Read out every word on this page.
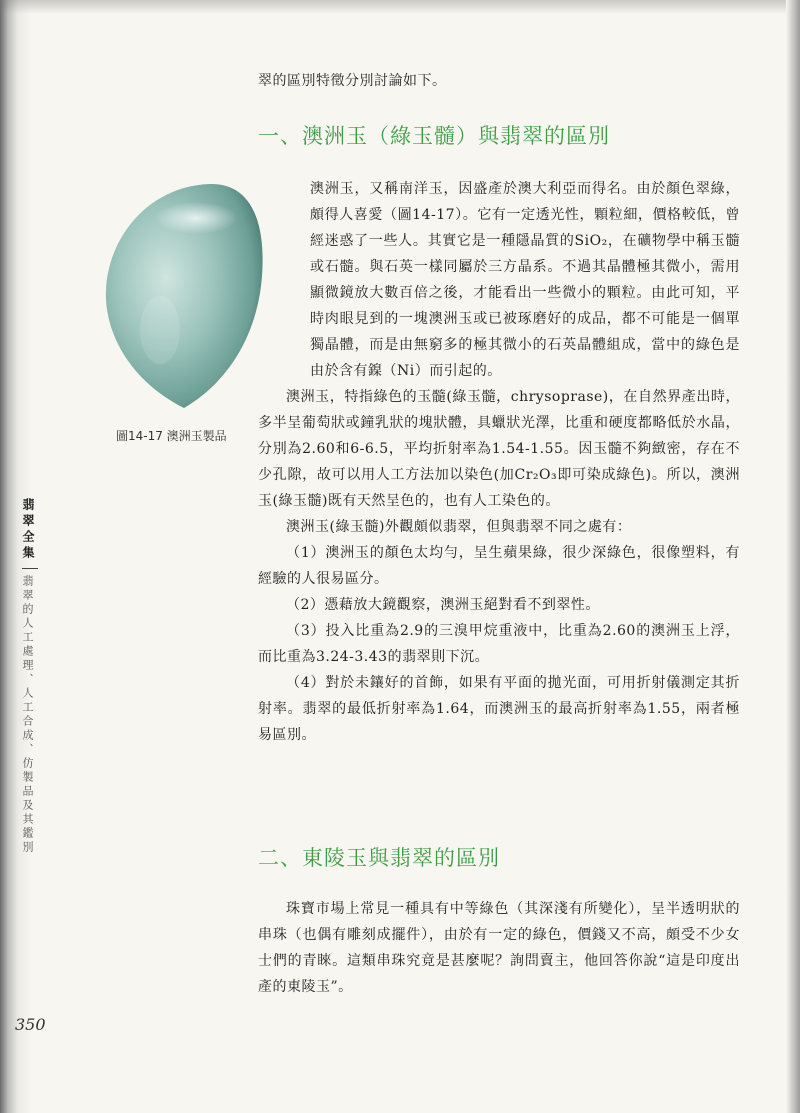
翠的區別特徵分別討論如下。
一、澳洲玉（綠玉髓）與翡翠的區別
圖14-17 澳洲玉製品

澳洲玉，又稱南洋玉，因盛產於澳大利亞而得名。由於顏色翠綠，頗得人喜愛（圖14-17）。它有一定透光性，顆粒細，價格較低，曾經迷惑了一些人。其實它是一種隱晶質的SiO₂，在礦物學中稱玉髓或石髓。與石英一樣同屬於三方晶系。不過其晶體極其微小，需用顯微鏡放大數百倍之後，才能看出一些微小的顆粒。由此可知，平時肉眼見到的一塊澳洲玉或已被琢磨好的成品，都不可能是一個單獨晶體，而是由無窮多的極其微小的石英晶體組成，當中的綠色是由於含有鎳（Ni）而引起的。

澳洲玉，特指綠色的玉髓(綠玉髓，chrysoprase)，在自然界產出時，多半呈葡萄狀或鐘乳狀的塊狀體，具蠟狀光澤，比重和硬度都略低於水晶，分別為2.60和6-6.5，平均折射率為1.54-1.55。因玉髓不夠緻密，存在不少孔隙，故可以用人工方法加以染色(加Cr₂O₃即可染成綠色)。所以，澳洲玉(綠玉髓)既有天然呈色的，也有人工染色的。

澳洲玉(綠玉髓)外觀頗似翡翠，但與翡翠不同之處有：

（1）澳洲玉的顏色太均勻，呈生蘋果綠，很少深綠色，很像塑料，有經驗的人很易區分。

（2）憑藉放大鏡觀察，澳洲玉絕對看不到翠性。

（3）投入比重為2.9的三溴甲烷重液中，比重為2.60的澳洲玉上浮，而比重為3.24-3.43的翡翠則下沉。

（4）對於未鑲好的首飾，如果有平面的拋光面，可用折射儀測定其折射率。翡翠的最低折射率為1.64，而澳洲玉的最高折射率為1.55，兩者極易區別。

二、東陵玉與翡翠的區別

珠寶市場上常見一種具有中等綠色（其深淺有所變化），呈半透明狀的串珠（也偶有雕刻成擺件），由於有一定的綠色，價錢又不高，頗受不少女士們的青睞。這類串珠究竟是甚麼呢？詢問賣主，他回答你說“這是印度出產的東陵玉”。

翡翠全集
翡翠的人工處理、人工合成、仿製品及其鑑別
350
